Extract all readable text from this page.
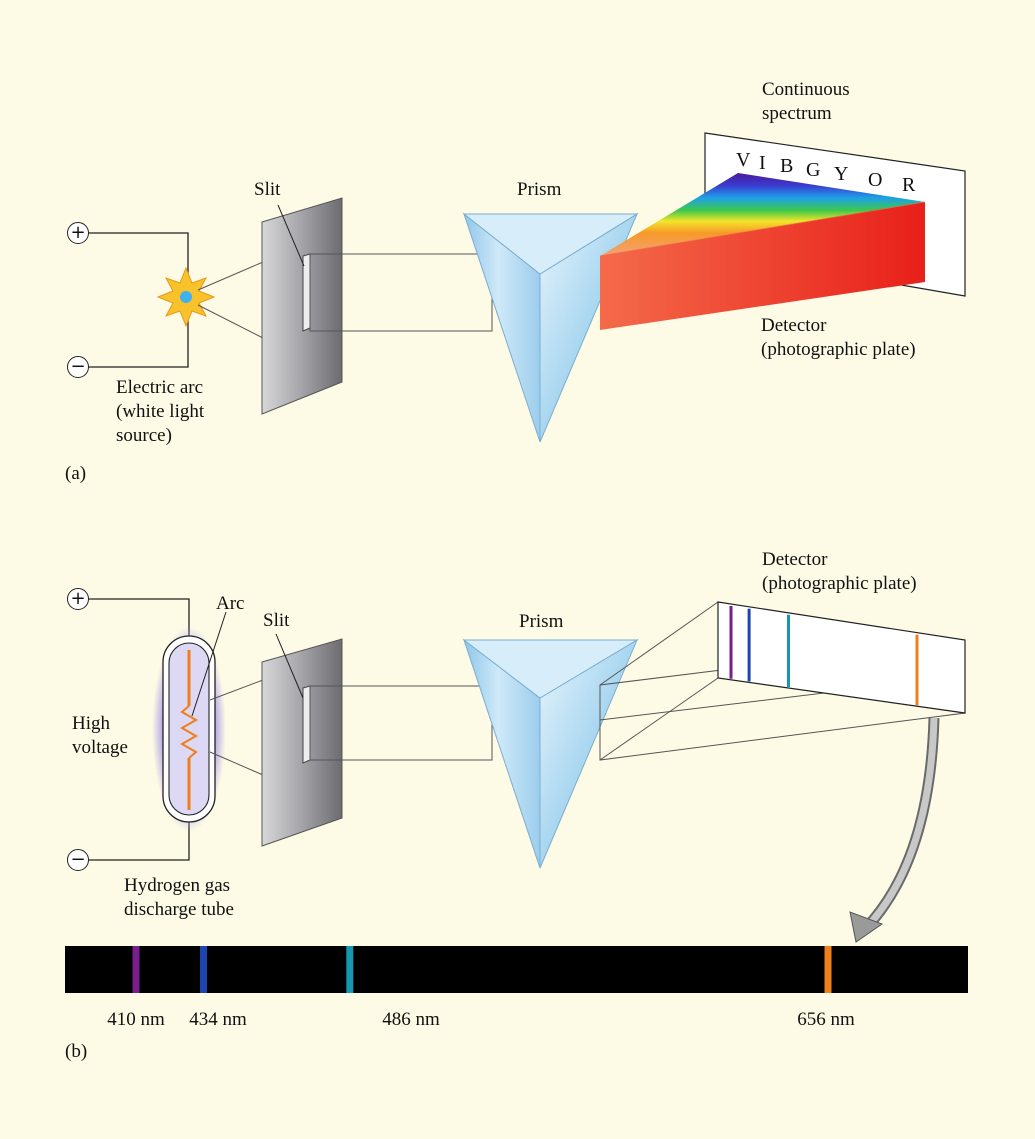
+
−
Electric arc
(white light
source)
Slit	Prism
Continuous
spectrum
V I B G Y O R
Detector
(photographic plate)
(a)
+
−
Arc
High
voltage
Hydrogen gas
discharge tube
Slit	Prism
Detector
(photographic plate)
410 nm	434 nm	486 nm	656 nm
(b)
